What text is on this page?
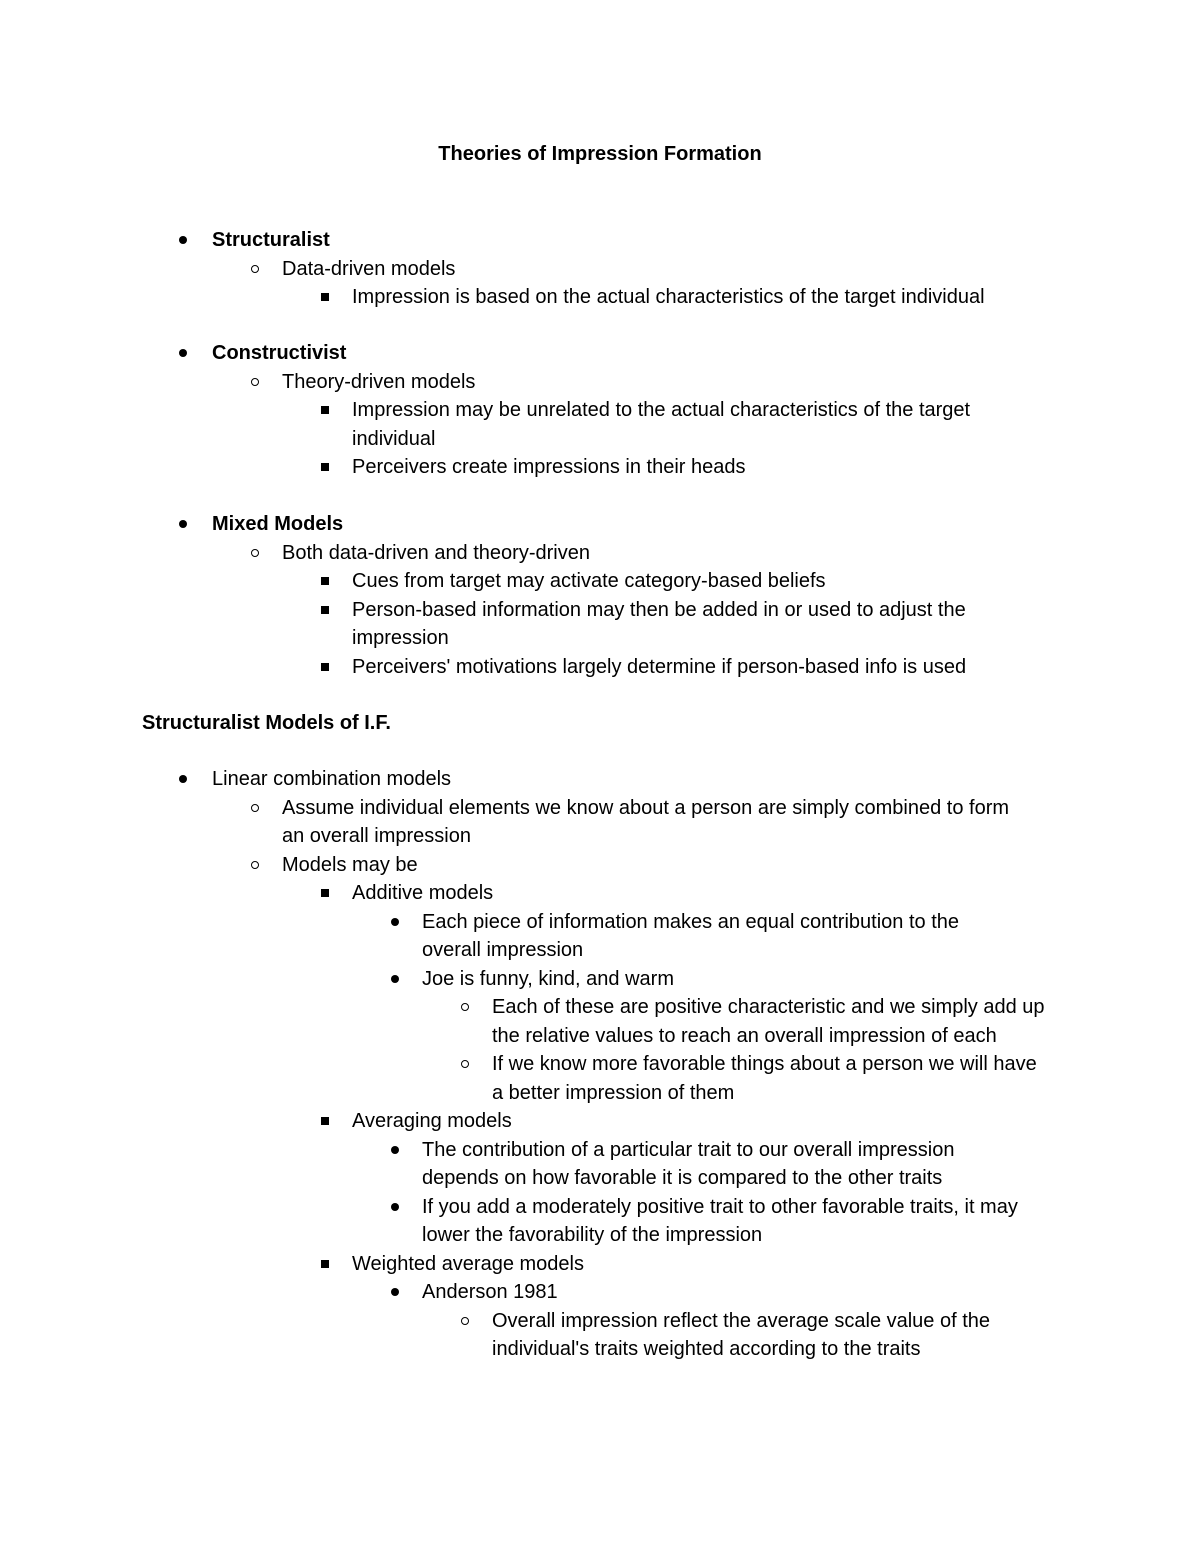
Theories of Impression Formation
Structuralist
Data-driven models
Impression is based on the actual characteristics of the target individual
Constructivist
Theory-driven models
Impression may be unrelated to the actual characteristics of the target individual
Perceivers create impressions in their heads
Mixed Models
Both data-driven and theory-driven
Cues from target may activate category-based beliefs
Person-based information may then be added in or used to adjust the impression
Perceivers' motivations largely determine if person-based info is used
Structuralist Models of I.F.
Linear combination models
Assume individual elements we know about a person are simply combined to form an overall impression
Models may be
Additive models
Each piece of information makes an equal contribution to the overall impression
Joe is funny, kind, and warm
Each of these are positive characteristic and we simply add up the relative values to reach an overall impression of each
If we know more favorable things about a person we will have a better impression of them
Averaging models
The contribution of a particular trait to our overall impression depends on how favorable it is compared to the other traits
If you add a moderately positive trait to other favorable traits, it may lower the favorability of the impression
Weighted average models
Anderson 1981
Overall impression reflect the average scale value of the individual's traits weighted according to the traits
